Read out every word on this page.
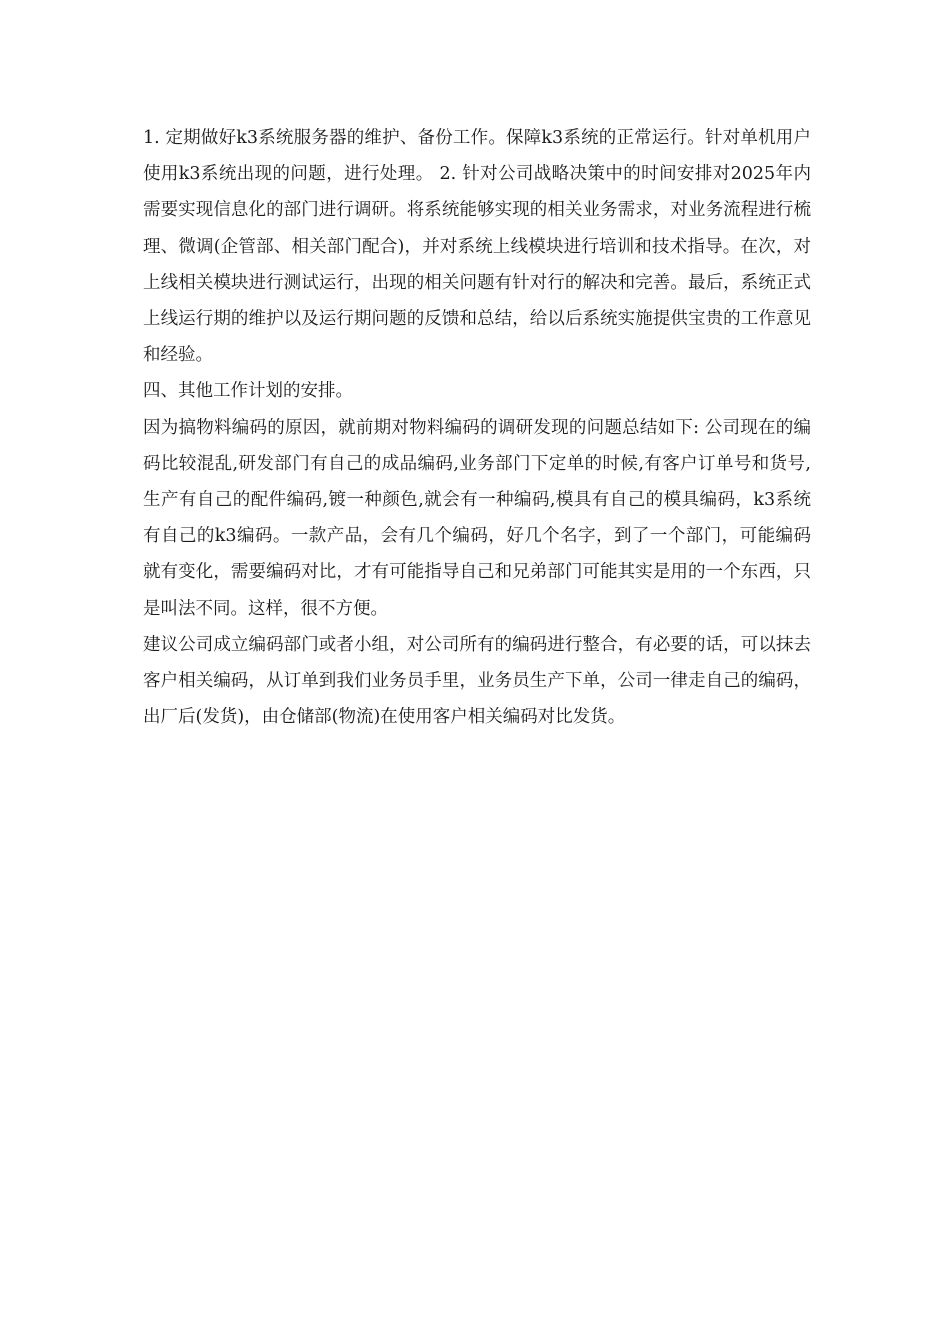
1. 定期做好k3系统服务器的维护、备份工作。保障k3系统的正常运行。针对单机用户使用k3系统出现的问题，进行处理。 2. 针对公司战略决策中的时间安排对2025年内需要实现信息化的部门进行调研。将系统能够实现的相关业务需求，对业务流程进行梳理、微调(企管部、相关部门配合)，并对系统上线模块进行培训和技术指导。在次，对上线相关模块进行测试运行，出现的相关问题有针对行的解决和完善。最后，系统正式上线运行期的维护以及运行期问题的反馈和总结，给以后系统实施提供宝贵的工作意见和经验。

四、其他工作计划的安排。

因为搞物料编码的原因，就前期对物料编码的调研发现的问题总结如下: 公司现在的编码比较混乱,研发部门有自己的成品编码,业务部门下定单的时候,有客户订单号和货号,生产有自己的配件编码,镀一种颜色,就会有一种编码,模具有自己的模具编码，k3系统有自己的k3编码。一款产品，会有几个编码，好几个名字，到了一个部门，可能编码就有变化，需要编码对比，才有可能指导自己和兄弟部门可能其实是用的一个东西，只是叫法不同。这样，很不方便。

建议公司成立编码部门或者小组，对公司所有的编码进行整合，有必要的话，可以抹去客户相关编码，从订单到我们业务员手里，业务员生产下单，公司一律走自己的编码，出厂后(发货)，由仓储部(物流)在使用客户相关编码对比发货。
